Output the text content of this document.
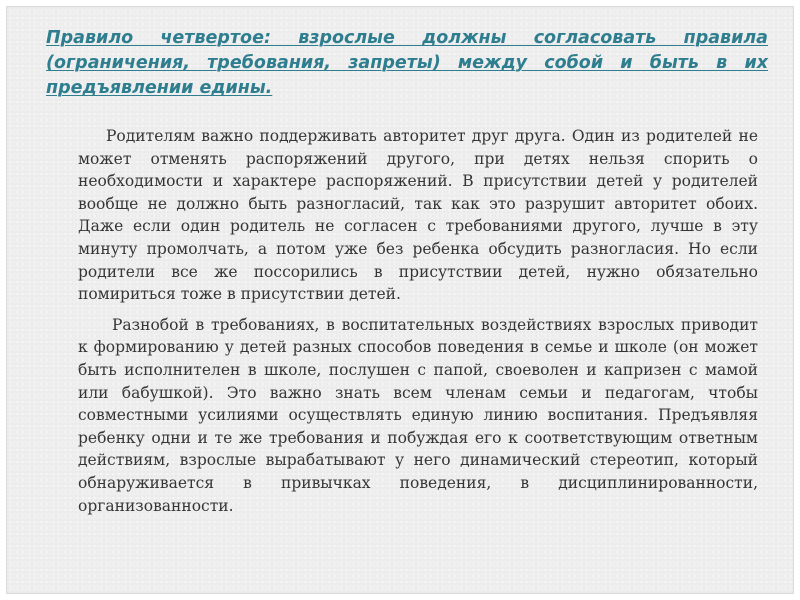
Правило четвертое: взрослые должны согласовать правила (ограничения, требования, запреты) между собой и быть в их предъявлении едины.

Родителям важно поддерживать авторитет друг друга. Один из родителей не может отменять распоряжений другого, при детях нельзя спорить о необходимости и характере распоряжений. В присутствии детей у родителей вообще не должно быть разногласий, так как это разрушит авторитет обоих. Даже если один родитель не согласен с требованиями другого, лучше в эту минуту промолчать, а потом уже без ребенка обсудить разногласия. Но если родители все же поссорились в присутствии детей, нужно обязательно помириться тоже в присутствии детей.

Разнобой в требованиях, в воспитательных воздействиях взрослых приводит к формированию у детей разных способов поведения в семье и школе (он может быть исполнителен в школе, послушен с папой, своеволен и капризен с мамой или бабушкой). Это важно знать всем членам семьи и педагогам, чтобы совместными усилиями осуществлять единую линию воспитания. Предъявляя ребенку одни и те же требования и побуждая его к соответствующим ответным действиям, взрослые вырабатывают у него динамический стереотип, который обнаруживается в привычках поведения, в дисциплинированности, организованности.
